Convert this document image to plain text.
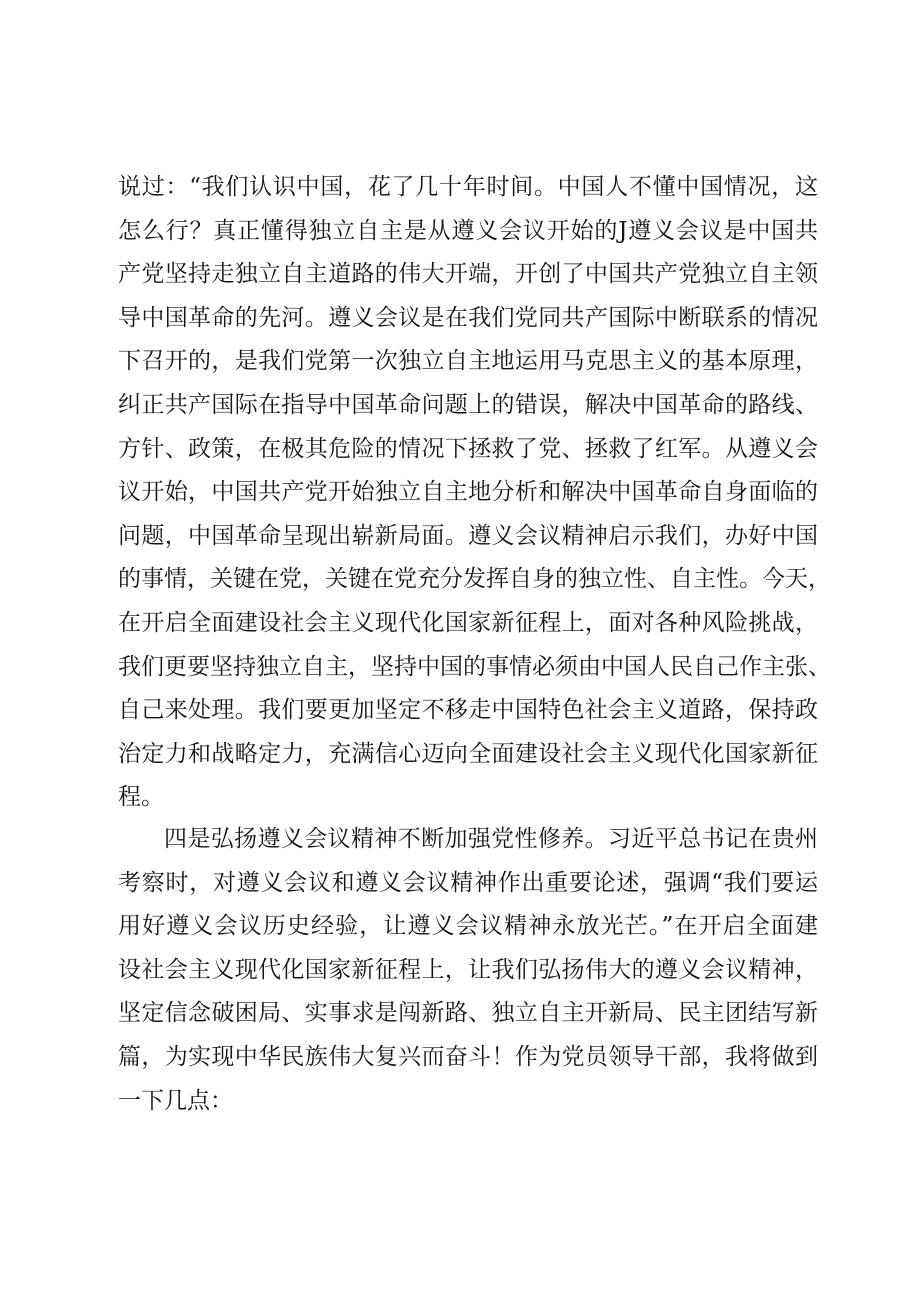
说过：“我们认识中国，花了几十年时间。中国人不懂中国情况，这
怎么行？真正懂得独立自主是从遵义会议开始的J遵义会议是中国共
产党坚持走独立自主道路的伟大开端，开创了中国共产党独立自主领
导中国革命的先河。遵义会议是在我们党同共产国际中断联系的情况
下召开的，是我们党第一次独立自主地运用马克思主义的基本原理，
纠正共产国际在指导中国革命问题上的错误，解决中国革命的路线、
方针、政策，在极其危险的情况下拯救了党、拯救了红军。从遵义会
议开始，中国共产党开始独立自主地分析和解决中国革命自身面临的
问题，中国革命呈现出崭新局面。遵义会议精神启示我们，办好中国
的事情，关键在党，关键在党充分发挥自身的独立性、自主性。今天，
在开启全面建设社会主义现代化国家新征程上，面对各种风险挑战，
我们更要坚持独立自主，坚持中国的事情必须由中国人民自己作主张、
自己来处理。我们要更加坚定不移走中国特色社会主义道路，保持政
治定力和战略定力，充满信心迈向全面建设社会主义现代化国家新征
程。
四是弘扬遵义会议精神不断加强党性修养。习近平总书记在贵州
考察时，对遵义会议和遵义会议精神作出重要论述，强调“我们要运
用好遵义会议历史经验，让遵义会议精神永放光芒。”在开启全面建
设社会主义现代化国家新征程上，让我们弘扬伟大的遵义会议精神，
坚定信念破困局、实事求是闯新路、独立自主开新局、民主团结写新
篇，为实现中华民族伟大复兴而奋斗！作为党员领导干部，我将做到
一下几点：
